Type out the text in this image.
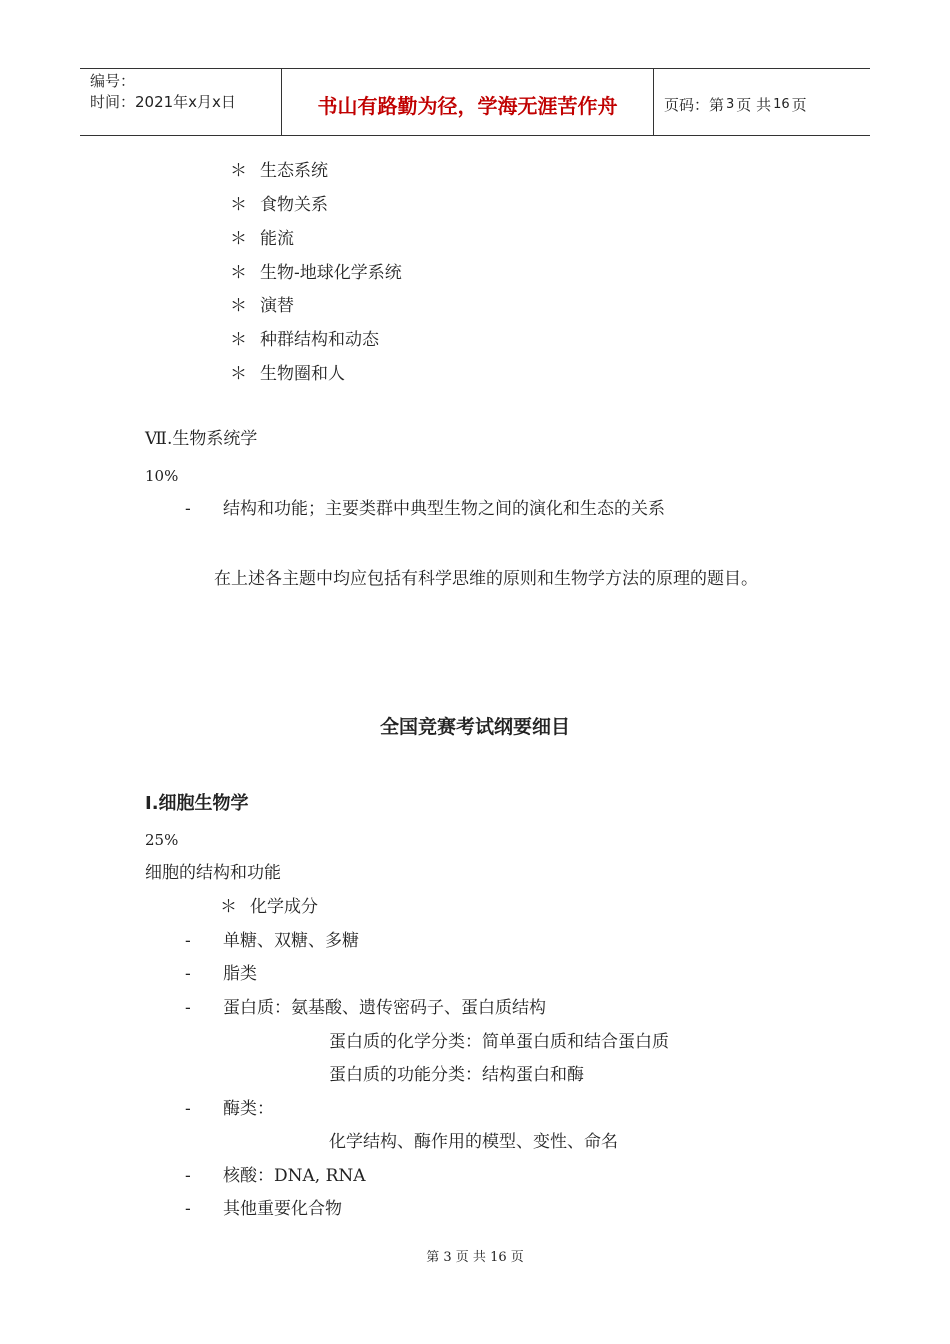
编号：
时间：2021年x月x日	书山有路勤为径，学海无涯苦作舟	页码：第 3 页 共 16 页
＊ 生态系统
＊ 食物关系
＊ 能流
＊ 生物-地球化学系统
＊ 演替
＊ 种群结构和动态
＊ 生物圈和人
Ⅶ.生物系统学
10%
- 结构和功能；主要类群中典型生物之间的演化和生态的关系
在上述各主题中均应包括有科学思维的原则和生物学方法的原理的题目。
全国竞赛考试纲要细目
I.细胞生物学
25%
细胞的结构和功能
＊ 化学成分
- 单糖、双糖、多糖
- 脂类
- 蛋白质：氨基酸、遗传密码子、蛋白质结构
蛋白质的化学分类：简单蛋白质和结合蛋白质
蛋白质的功能分类：结构蛋白和酶
- 酶类：
化学结构、酶作用的模型、变性、命名
- 核酸：DNA, RNA
- 其他重要化合物
第 3 页 共 16 页
